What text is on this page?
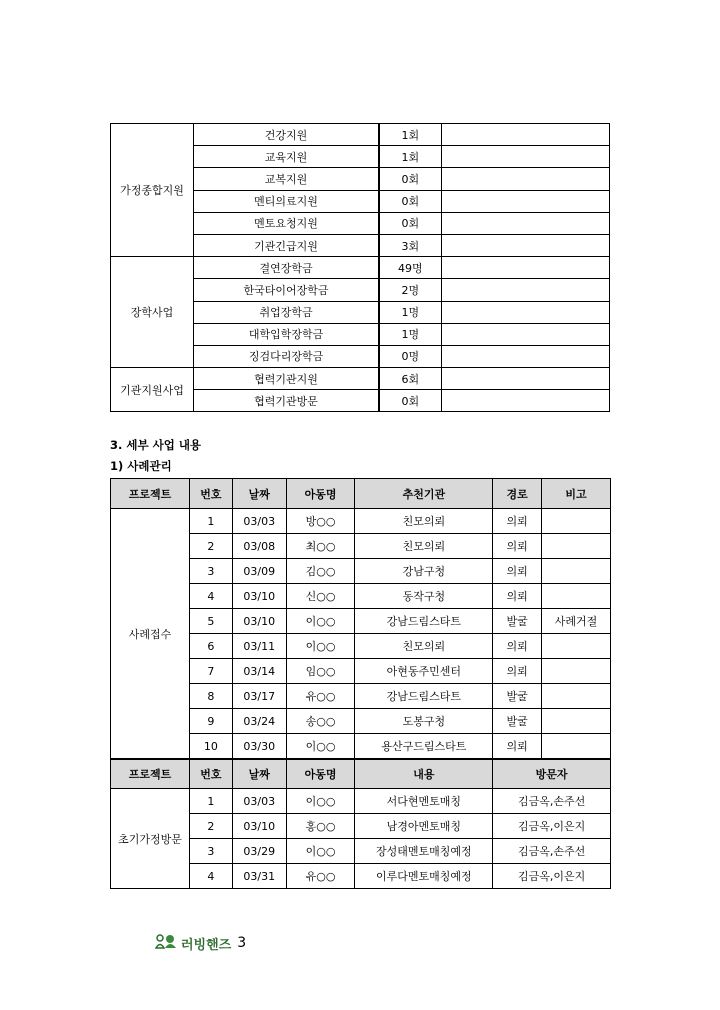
가정종합지원	건강지원	1회	
	교육지원	1회	
	교복지원	0회	
	멘티의료지원	0회	
	멘토요청지원	0회	
	기관긴급지원	3회	
장학사업	결연장학금	49명	
	한국타이어장학금	2명	
	취업장학금	1명	
	대학입학장학금	1명	
	징검다리장학금	0명	
기관지원사업	협력기관지원	6회	
	협력기관방문	0회	
3. 세부 사업 내용
1) 사례관리
프로젝트	번호	날짜	아동명	추천기관	경로	비고
사례접수	1	03/03	방○○	친모의뢰	의뢰	
	2	03/08	최○○	친모의뢰	의뢰	
	3	03/09	김○○	강남구청	의뢰	
	4	03/10	신○○	동작구청	의뢰	
	5	03/10	이○○	강남드림스타트	발굴	사례거절
	6	03/11	이○○	친모의뢰	의뢰	
	7	03/14	임○○	아현동주민센터	의뢰	
	8	03/17	유○○	강남드림스타트	발굴	
	9	03/24	송○○	도봉구청	발굴	
	10	03/30	이○○	용산구드림스타트	의뢰	
프로젝트	번호	날짜	아동명	내용	방문자	
초기가정방문	1	03/03	이○○	서다현멘토매칭	김금옥,손주선	
	2	03/10	홍○○	남경아멘토매칭	김금옥,이은지	
	3	03/29	이○○	장성태멘토매칭예정	김금옥,손주선	
	4	03/31	유○○	이루다멘토매칭예정	김금옥,이은지	
러빙핸즈 3
